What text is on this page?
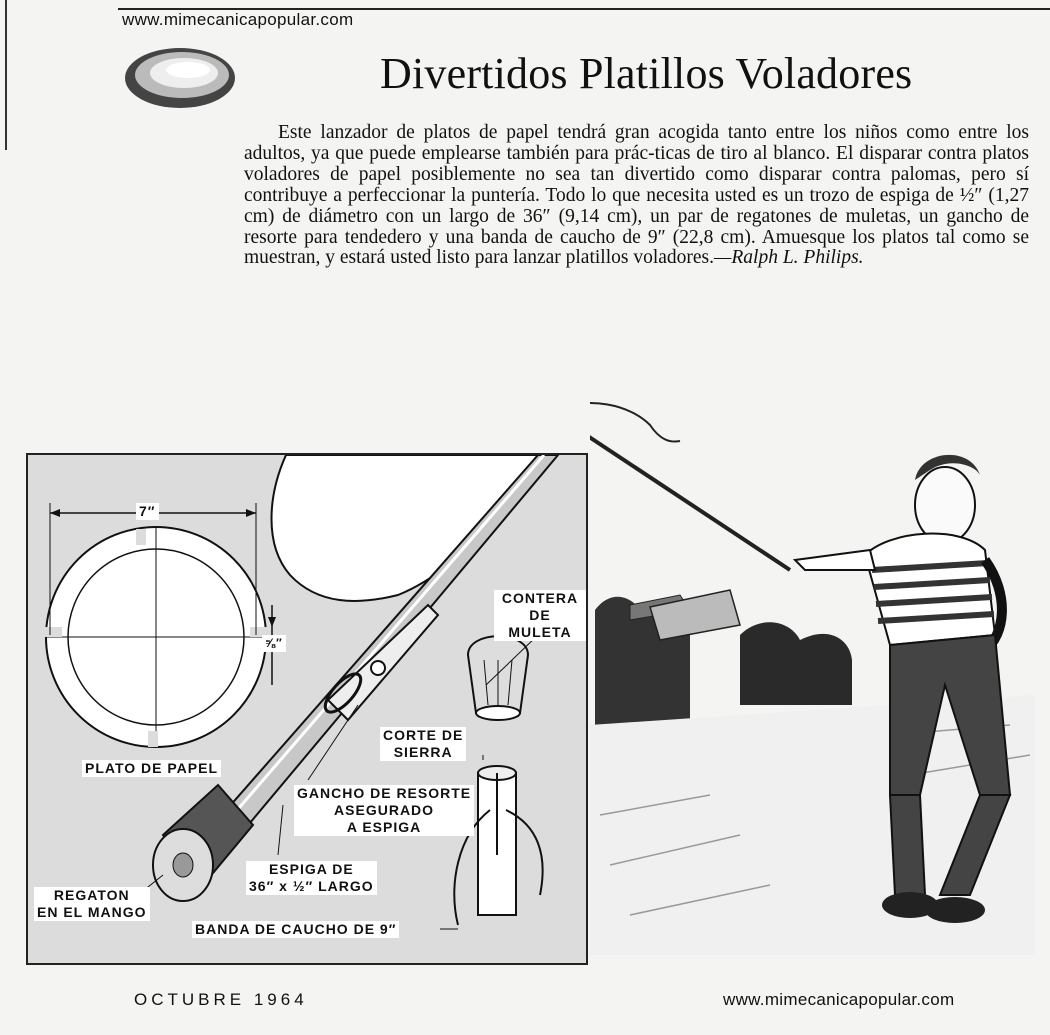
www.mimecanicapopular.com
Divertidos Platillos Voladores
Este lanzador de platos de papel tendrá gran acogida tanto entre los niños como entre los adultos, ya que puede emplearse también para prác-ticas de tiro al blanco. El disparar contra platos voladores de papel posiblemente no sea tan divertido como disparar contra palomas, pero sí contribuye a perfeccionar la puntería. Todo lo que necesita usted es un trozo de espiga de ½″ (1,27 cm) de diámetro con un largo de 36″ (9,14 cm), un par de regatones de muletas, un gancho de resorte para tendedero y una banda de caucho de 9″ (22,8 cm). Amuesque los platos tal como se muestran, y estará usted listo para lanzar platillos voladores.—Ralph L. Philips.
7″
⅝″
PLATO DE PAPEL
CONTERA
DE MULETA
CORTE DE
SIERRA
GANCHO DE RESORTE
ASEGURADO
A ESPIGA
ESPIGA DE
36″ x ½″ LARGO
REGATON
EN EL MANGO
BANDA DE CAUCHO DE 9″
OCTUBRE 1964	www.mimecanicapopular.com
